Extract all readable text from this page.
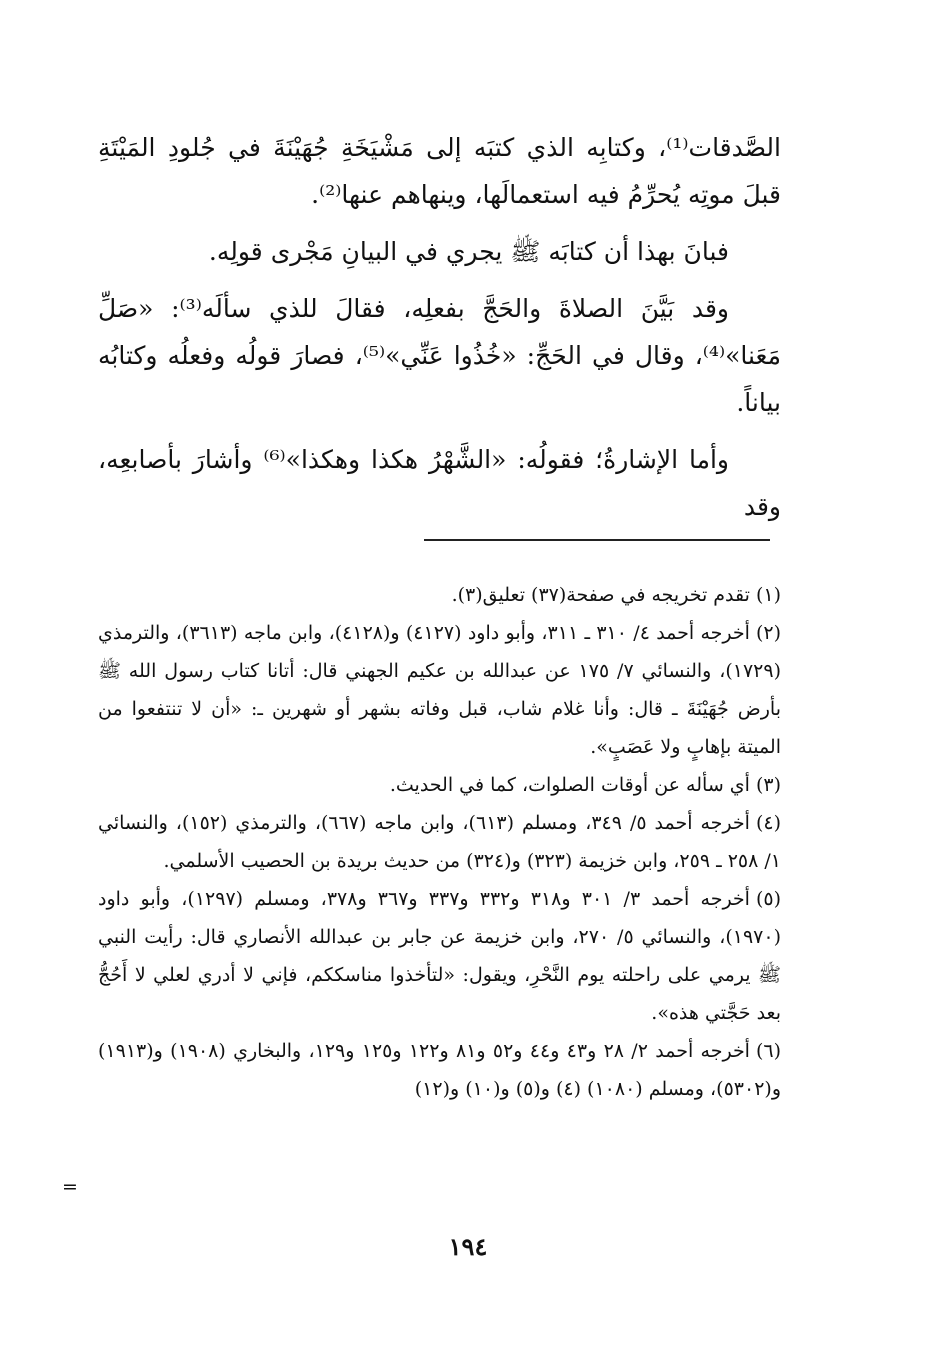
الصَّدقات⁽¹⁾، وكتابِه الذي كتبَه إلى مَشْيَخَةِ جُهَيْنَةَ في جُلودِ المَيْتَةِ قبلَ موتِه يُحرِّمُ فيه استعمالَها، وينهاهم عنها⁽²⁾.

فبانَ بهذا أن كتابَه ﷺ يجري في البيانِ مَجْرى قولِه.

وقد بَيَّنَ الصلاةَ والحَجَّ بفعلِه، فقالَ للذي سألَه⁽³⁾: «صَلِّ مَعَنا»⁽⁴⁾، وقال في الحَجِّ: «خُذُوا عَنِّي»⁽⁵⁾، فصارَ قولُه وفعلُه وكتابُه بياناً.

وأما الإشارةُ؛ فقولُه: «الشَّهْرُ هكذا وهكذا»⁽⁶⁾ وأشارَ بأصابعِه، وقد

(١)تقدم تخريجه في صفحة(٣٧) تعليق(٣).

(٢)أخرجه أحمد ٤/ ٣١٠ ـ ٣١١، وأبو داود (٤١٢٧) و(٤١٢٨)، وابن ماجه (٣٦١٣)، والترمذي (١٧٢٩)، والنسائي ٧/ ١٧٥ عن عبدالله بن عكيم الجهني قال: أتانا كتاب رسول الله ﷺ بأرض جُهَيْنَةَ ـ قال: وأنا غلام شاب، قبل وفاته بشهر أو شهرين ـ: «أن لا تنتفعوا من الميتة بإهابٍ ولا عَصَبٍ».

(٣)أي سأله عن أوقات الصلوات، كما في الحديث.

(٤)أخرجه أحمد ٥/ ٣٤٩، ومسلم (٦١٣)، وابن ماجه (٦٦٧)، والترمذي (١٥٢)، والنسائي ١/ ٢٥٨ ـ ٢٥٩، وابن خزيمة (٣٢٣) و(٣٢٤) من حديث بريدة بن الحصيب الأسلمي.

(٥)أخرجه أحمد ٣/ ٣٠١ و٣١٨ و٣٣٢ و٣٣٧ و٣٦٧ و٣٧٨، ومسلم (١٢٩٧)، وأبو داود (١٩٧٠)، والنسائي ٥/ ٢٧٠، وابن خزيمة عن جابر بن عبدالله الأنصاري قال: رأيت النبي ﷺ يرمي على راحلته يوم النَّحْرِ، ويقول: «لتأخذوا مناسككم، فإني لا أدري لعلي لا أَحُجُّ بعد حَجَّتي هذه».

(٦)أخرجه أحمد ٢/ ٢٨ و٤٣ و٤٤ و٥٢ و٨١ و١٢٢ و١٢٥ و١٢٩، والبخاري (١٩٠٨) و(١٩١٣) و(٥٣٠٢)، ومسلم (١٠٨٠) (٤) و(٥) و(١٠) و(١٢)

=
١٩٤
